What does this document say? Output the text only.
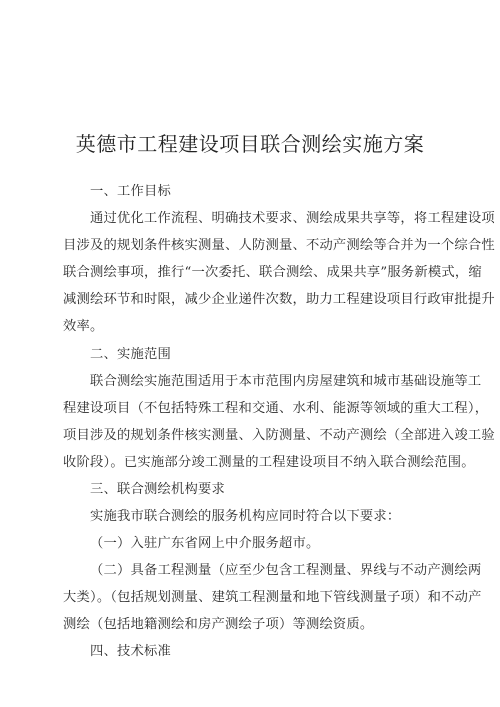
英德市工程建设项目联合测绘实施方案
一、工作目标
通过优化工作流程、明确技术要求、测绘成果共享等，将工程建设项
目涉及的规划条件核实测量、人防测量、不动产测绘等合并为一个综合性
联合测绘事项，推行“一次委托、联合测绘、成果共享”服务新模式，缩
减测绘环节和时限，减少企业递件次数，助力工程建设项目行政审批提升
效率。
二、实施范围
联合测绘实施范围适用于本市范围内房屋建筑和城市基础设施等工
程建设项目（不包括特殊工程和交通、水利、能源等领域的重大工程），
项目涉及的规划条件核实测量、入防测量、不动产测绘（全部进入竣工验
收阶段）。已实施部分竣工测量的工程建设项目不纳入联合测绘范围。
三、联合测绘机构要求
实施我市联合测绘的服务机构应同时符合以下要求：
（一）入驻广东省网上中介服务超市。
（二）具备工程测量（应至少包含工程测量、界线与不动产测绘两
大类）。（包括规划测量、建筑工程测量和地下管线测量子项）和不动产
测绘（包括地籍测绘和房产测绘子项）等测绘资质。
四、技术标准
